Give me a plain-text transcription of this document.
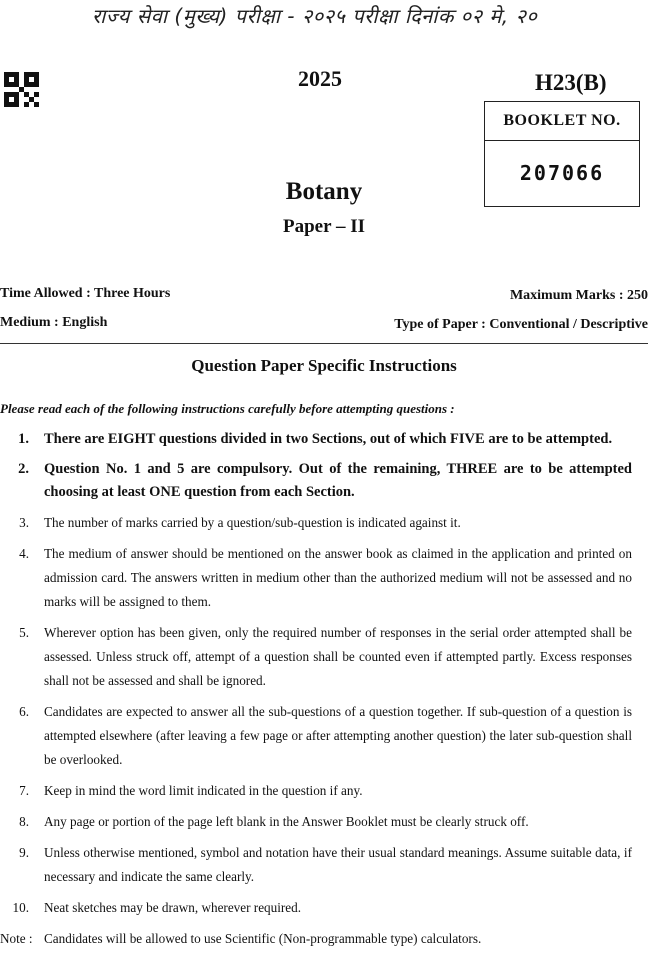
राज्य सेवा (मुख्य) परीक्षा - २०२५ परीक्षा दिनांक ०२ मे, २०
2025	H23(B)
BOOKLET NO.
207066
Botany
Paper – II
Time Allowed : Three Hours
Medium : English
Maximum Marks : 250
Type of Paper : Conventional / Descriptive
Question Paper Specific Instructions
Please read each of the following instructions carefully before attempting questions :
1. There are EIGHT questions divided in two Sections, out of which FIVE are to be attempted.
2. Question No. 1 and 5 are compulsory. Out of the remaining, THREE are to be attempted choosing at least ONE question from each Section.
3. The number of marks carried by a question/sub-question is indicated against it.
4. The medium of answer should be mentioned on the answer book as claimed in the application and printed on admission card. The answers written in medium other than the authorized medium will not be assessed and no marks will be assigned to them.
5. Wherever option has been given, only the required number of responses in the serial order attempted shall be assessed. Unless struck off, attempt of a question shall be counted even if attempted partly. Excess responses shall not be assessed and shall be ignored.
6. Candidates are expected to answer all the sub-questions of a question together. If sub-question of a question is attempted elsewhere (after leaving a few page or after attempting another question) the later sub-question shall be overlooked.
7. Keep in mind the word limit indicated in the question if any.
8. Any page or portion of the page left blank in the Answer Booklet must be clearly struck off.
9. Unless otherwise mentioned, symbol and notation have their usual standard meanings. Assume suitable data, if necessary and indicate the same clearly.
10. Neat sketches may be drawn, wherever required.
Note : Candidates will be allowed to use Scientific (Non-programmable type) calculators.
